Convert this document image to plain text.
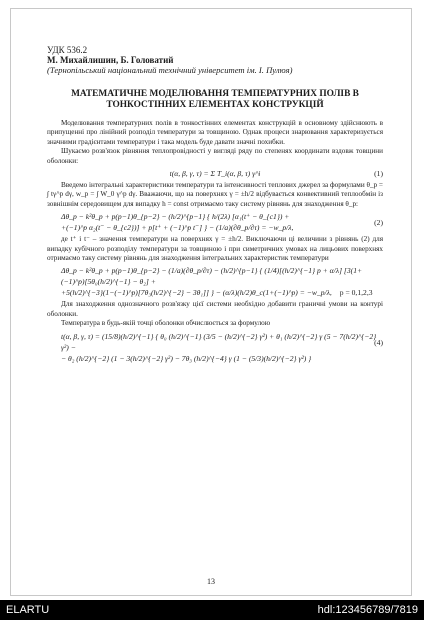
УДК 536.2
М. Михайлишин, Б. Головатий
(Тернопільський національний технічний університет ім. І. Пулюя)
МАТЕМАТИЧНЕ МОДЕЛЮВАННЯ ТЕМПЕРАТУРНИХ ПОЛІВ В ТОНКОСТІННИХ ЕЛЕМЕНТАХ КОНСТРУКЦІЙ

Моделювання температурних полів в тонкостінних елементах конструкцій в основному здійснюють в припущенні про лінійний розподіл температури за товщиною. Однак процеси знарювання характеризується значними градієнтами температури і така модель буде давати значні похибки.

Шукаємо розв'язок рівняння теплопровідності у вигляді ряду по степенях координати вздовж товщини оболонки:

t(α, β, γ, τ) = Σ T_i(α, β, τ) γ^i	(1)

Введемо інтегральні характеристики температури та інтенсивності теплових джерел за формулами θ_p = ∫ tγ^p dγ, w_p = ∫ W_0 γ^p dγ. Вважаючи, що на поверхнях γ = ±h/2 відбувається конвективний теплообмін із зовнішнім середовищем для випадку h = const отримаємо таку систему рівнянь для знаходження θ_p:

Δθ_p − k²θ_p + p(p−1)θ_{p−2} − (h/2)^{p−1} { h/(2λ) [α₁(t⁺ − θ_{c1}) +
+(−1)^p α₂(t⁻ − θ_{c2})] + p[t⁺ + (−1)^p t⁻] } − (1/a)(∂θ_p/∂τ) = −w_p/λ,
(2)

де t⁺ і t⁻ – значення температури на поверхнях γ = ±h/2. Виключаючи ці величини з рівнянь (2) для випадку кубічного розподілу температури за товщиною і при симетричних умовах на лицьових поверхнях отримаємо таку систему рівнянь для знаходження інтегральних характеристик температури

Δθ_p − k²θ_p + p(p−1)θ_{p−2} − (1/a)(∂θ_p/∂τ) − (h/2)^{p−1} { (1/4)[(h/2)^{−1} p + α/λ] [3(1+(−1)^p)[5θ₀(h/2)^{−1} − θ₂] +
+5(h/2)^{−3}(1−(−1)^p)[7θ₃(h/2)^{−2} − 3θ₁]] } − (α/λ)(h/2)θ_c(1+(−1)^p) = −w_p/λ, p = 0,1,2,3

Для знаходження однозначного розв'язку цієї системи необхідно добавити граничні умови на контурі оболонки.

Температура в будь-якій точці оболонки обчислюється за формулою

t(α, β, γ, τ) = (15/8)(h/2)^{−1} { θ₀ (h/2)^{−1} (3/5 − (h/2)^{−2} γ²) + θ₁ (h/2)^{−2} γ (5 − 7(h/2)^{−2} γ²) −
− θ₂ (h/2)^{−2} (1 − 3(h/2)^{−2} γ²) − 7θ₃ (h/2)^{−4} γ (1 − (5/3)(h/2)^{−2} γ²) }
(4)
13
ELARTU	hdl:123456789/7819
